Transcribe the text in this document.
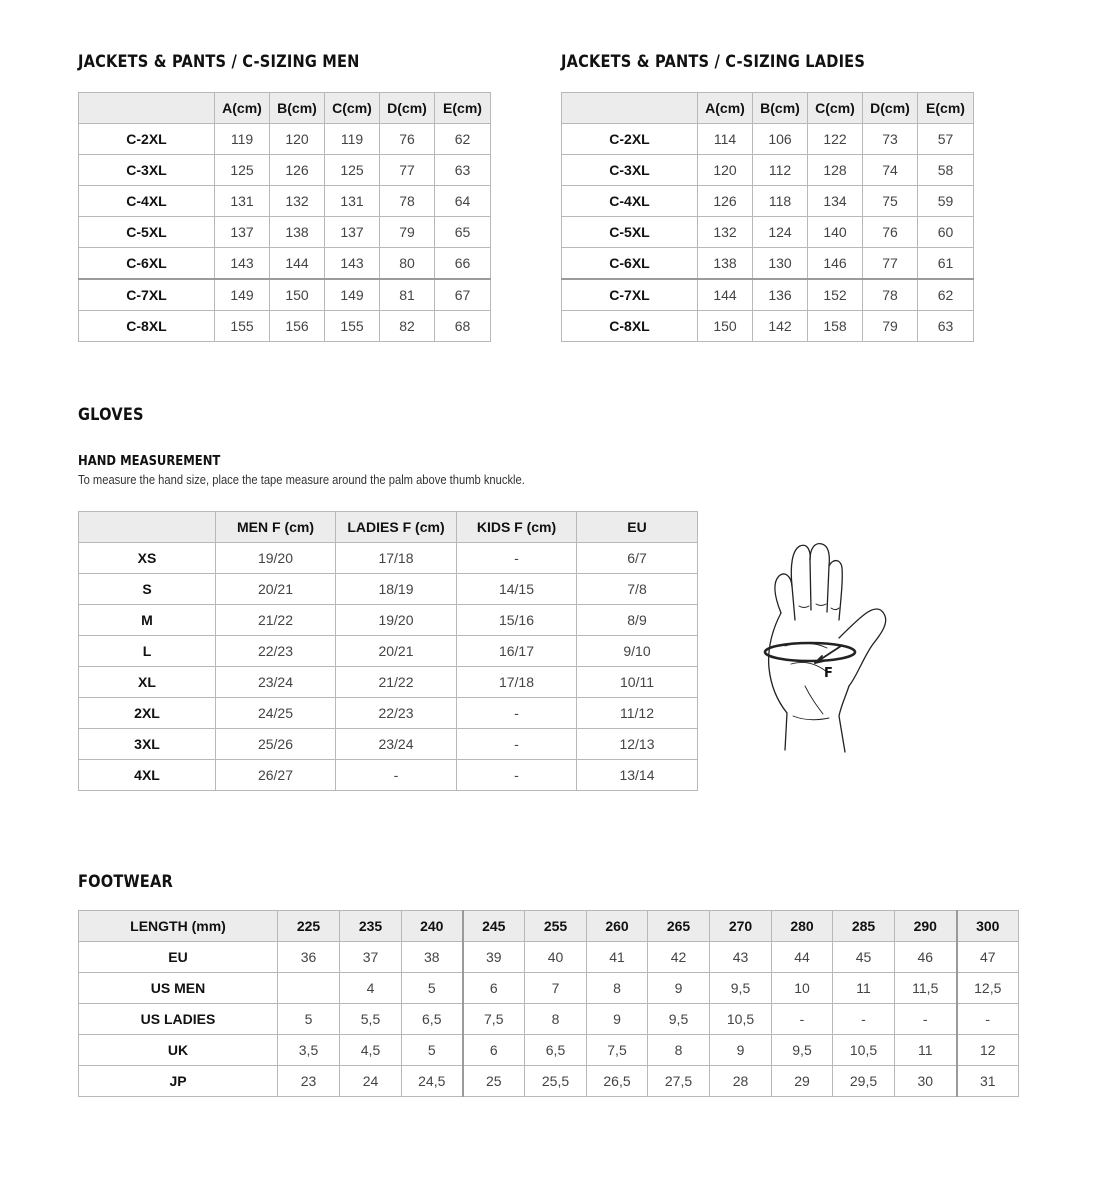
JACKETS & PANTS / C-SIZING MEN
	A(cm)	B(cm)	C(cm)	D(cm)	E(cm)
C-2XL	119	120	119	76	62
C-3XL	125	126	125	77	63
C-4XL	131	132	131	78	64
C-5XL	137	138	137	79	65
C-6XL	143	144	143	80	66
C-7XL	149	150	149	81	67
C-8XL	155	156	155	82	68
JACKETS & PANTS / C-SIZING LADIES
	A(cm)	B(cm)	C(cm)	D(cm)	E(cm)
C-2XL	114	106	122	73	57
C-3XL	120	112	128	74	58
C-4XL	126	118	134	75	59
C-5XL	132	124	140	76	60
C-6XL	138	130	146	77	61
C-7XL	144	136	152	78	62
C-8XL	150	142	158	79	63
GLOVES
HAND MEASUREMENT
To measure the hand size, place the tape measure around the palm above thumb knuckle.
	MEN F (cm)	LADIES F (cm)	KIDS F (cm)	EU
XS	19/20	17/18	-	6/7
S	20/21	18/19	14/15	7/8
M	21/22	19/20	15/16	8/9
L	22/23	20/21	16/17	9/10
XL	23/24	21/22	17/18	10/11
2XL	24/25	22/23	-	11/12
3XL	25/26	23/24	-	12/13
4XL	26/27	-	-	13/14
F
FOOTWEAR
LENGTH (mm)	225	235	240	245	255	260	265	270	280	285	290	300
EU	36	37	38	39	40	41	42	43	44	45	46	47
US MEN		4	5	6	7	8	9	9,5	10	11	11,5	12,5
US LADIES	5	5,5	6,5	7,5	8	9	9,5	10,5	-	-	-	-
UK	3,5	4,5	5	6	6,5	7,5	8	9	9,5	10,5	11	12
JP	23	24	24,5	25	25,5	26,5	27,5	28	29	29,5	30	31
